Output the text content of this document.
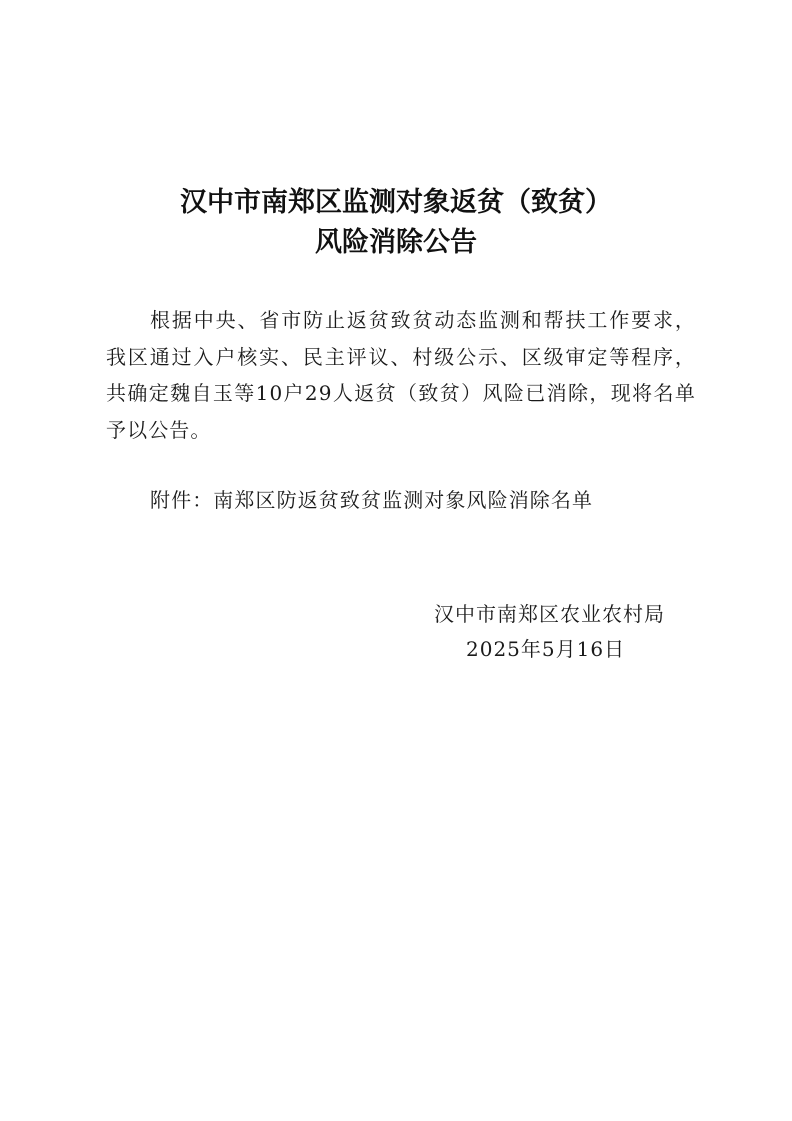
汉中市南郑区监测对象返贫（致贫）
风险消除公告
根据中央、省市防止返贫致贫动态监测和帮扶工作要求，我区通过入户核实、民主评议、村级公示、区级审定等程序，共确定魏自玉等10户29人返贫（致贫）风险已消除，现将名单予以公告。
附件：南郑区防返贫致贫监测对象风险消除名单
汉中市南郑区农业农村局
2025年5月16日
